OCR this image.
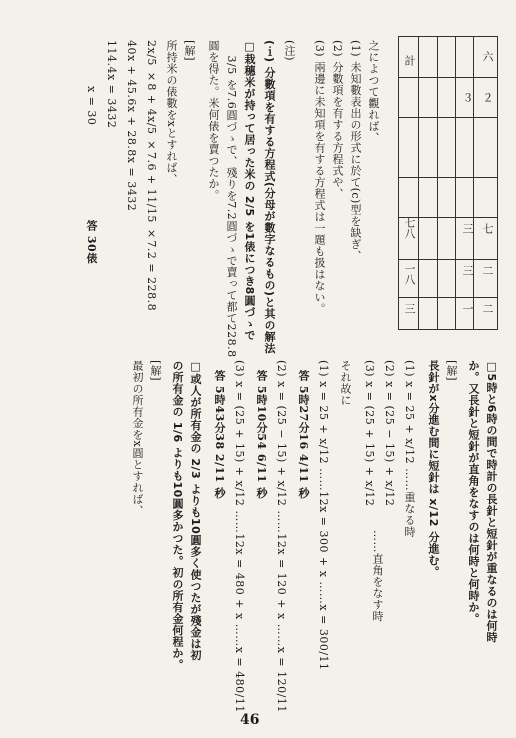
六
計
２
３
七
三
七八
二
三
一八
二
一
三
之によつて觀れば、
(1) 未知數表出の形式に於て(c)型を缺ぎ、
(2) 分數項を有する方程式や、
(3) 兩邊に未知項を有する方程式は一題も扱はない。
(注)
(ｉ) 分數項を有する方程式(分母が數字なるもの)と其の解法
□栽穗米が持って居った米の 2/5 を1俵につき8圓づゝで
　 3/5 を7.6圓づゝで、殘りを7.2圓づゝで賣って都て228.8
圓を得た。米何俵を賣つたか。
[解]
所持米の俵數をxとすれば、
2x/5 ×8 + 4x/5 ×7.6 + 11/15 ×7.2 = 228.8
40x + 45.6x + 28.8x = 3432
114.4x = 3432
x = 30
答 30俵
□5時と6時の間で時計の長針と短針が重なるのは何時
か。又長針と短針が直角をなすのは何時と何時か。
[解]
長針がx分進む間に短針は x/12 分進む。
(1) x = 25 + x/12 ……重なる時
(2) x = (25 − 15) + x/12
(3) x = (25 + 15) + x/12
……直角をなす時
それ故に
(1) x = 25 + x/12 ……12x = 300 + x ……x = 300/11
答 5時27分16 4/11 秒
(2) x = (25 − 15) + x/12 ……12x = 120 + x ……x = 120/11
答 5時10分54 6/11 秒
(3) x = (25 + 15) + x/12 ……12x = 480 + x ……x = 480/11
答 5時43分38 2/11 秒
□或人が所有金の 2/3 よりも10圓多く使つたが殘金は初
の所有金の 1/6 よりも10圓多かつた。初の所有金何程か。
[解]
最初の所有金をx圓とすれば、
46
